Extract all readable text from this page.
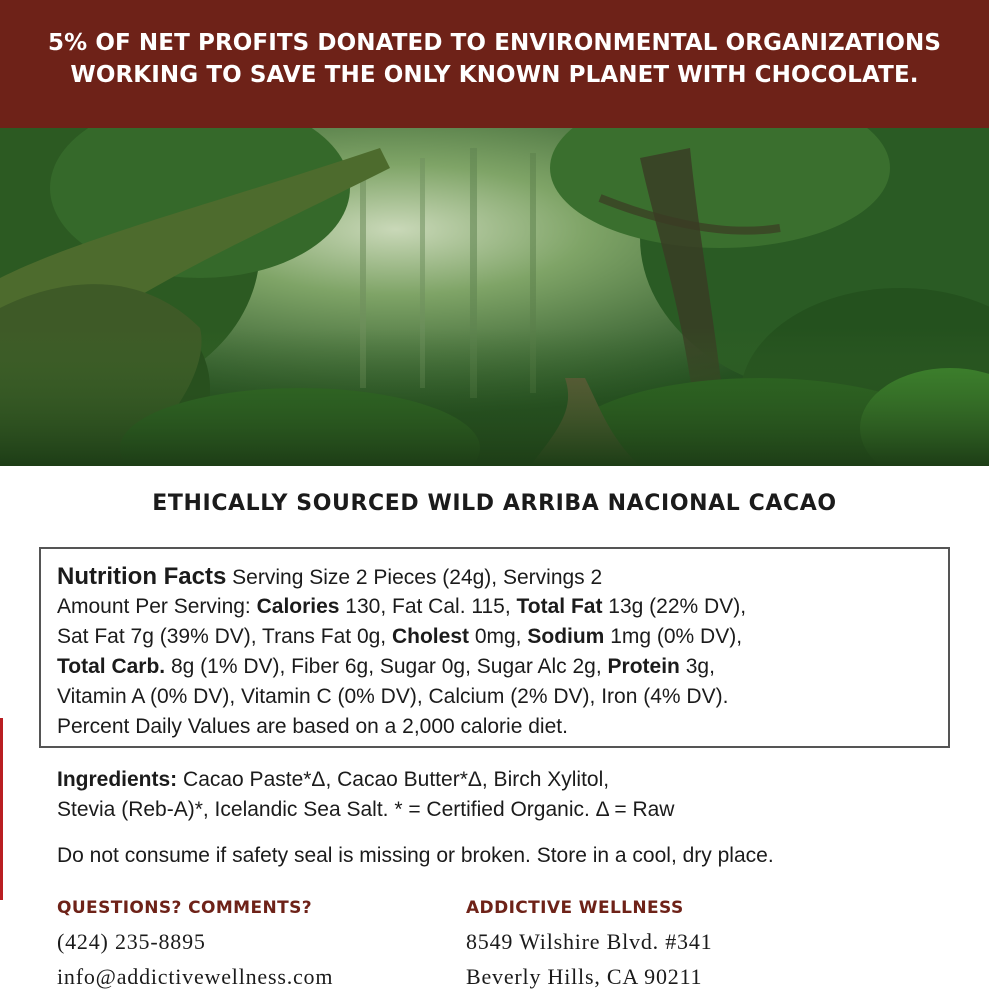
5% OF NET PROFITS DONATED TO ENVIRONMENTAL ORGANIZATIONS
WORKING TO SAVE THE ONLY KNOWN PLANET WITH CHOCOLATE.
ETHICALLY SOURCED WILD ARRIBA NACIONAL CACAO
Nutrition Facts Serving Size 2 Pieces (24g), Servings 2
Amount Per Serving: Calories 130, Fat Cal. 115, Total Fat 13g (22% DV),
Sat Fat 7g (39% DV), Trans Fat 0g, Cholest 0mg, Sodium 1mg (0% DV),
Total Carb. 8g (1% DV), Fiber 6g, Sugar 0g, Sugar Alc 2g, Protein 3g,
Vitamin A (0% DV), Vitamin C (0% DV), Calcium (2% DV), Iron (4% DV).
Percent Daily Values are based on a 2,000 calorie diet.
Ingredients: Cacao Paste*Δ, Cacao Butter*Δ, Birch Xylitol,
Stevia (Reb-A)*, Icelandic Sea Salt. * = Certified Organic. Δ = Raw
Do not consume if safety seal is missing or broken. Store in a cool, dry place.
QUESTIONS? COMMENTS?
(424) 235-8895
info@addictivewellness.com
ADDICTIVE WELLNESS
8549 Wilshire Blvd. #341
Beverly Hills, CA 90211
